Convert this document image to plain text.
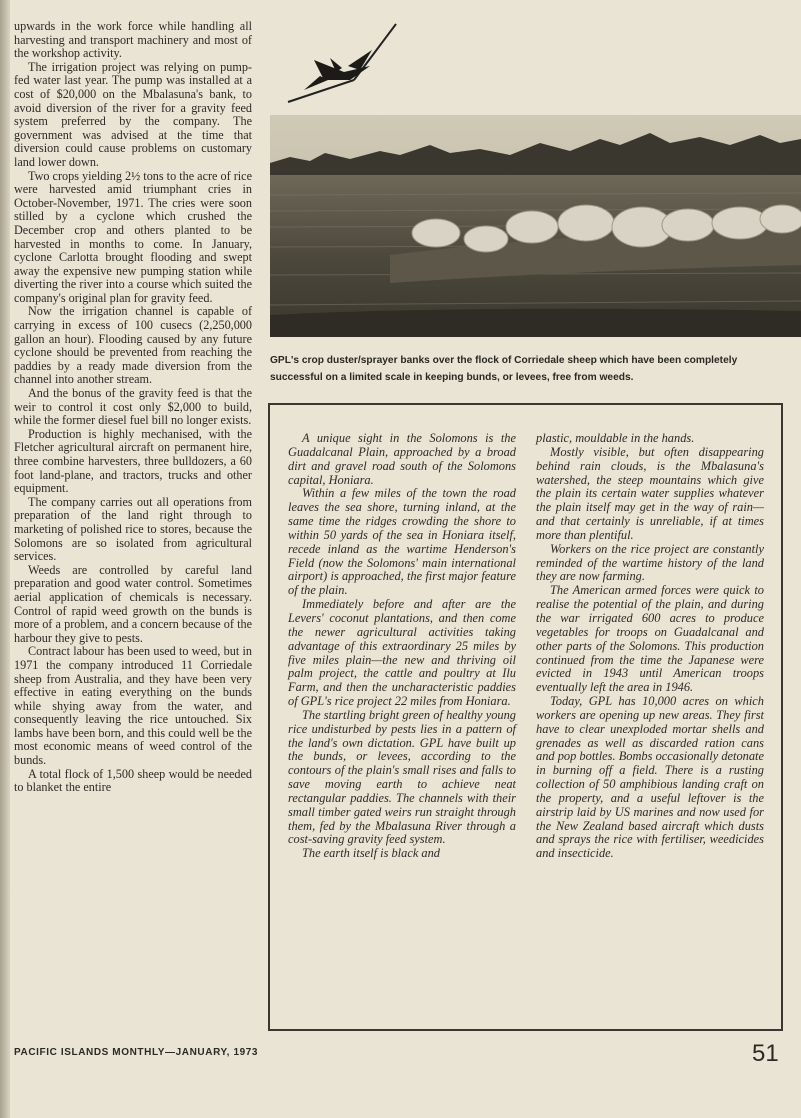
upwards in the work force while handling all harvesting and transport machinery and most of the workshop activity.

The irrigation project was relying on pump-fed water last year. The pump was installed at a cost of $20,000 on the Mbalasuna's bank, to avoid diversion of the river for a gravity feed system preferred by the company. The government was advised at the time that diversion could cause problems on customary land lower down.

Two crops yielding 2½ tons to the acre of rice were harvested amid triumphant cries in October-November, 1971. The cries were soon stilled by a cyclone which crushed the December crop and others planted to be harvested in months to come. In January, cyclone Carlotta brought flooding and swept away the expensive new pumping station while diverting the river into a course which suited the company's original plan for gravity feed.

Now the irrigation channel is capable of carrying in excess of 100 cusecs (2,250,000 gallon an hour). Flooding caused by any future cyclone should be prevented from reaching the paddies by a ready made diversion from the channel into another stream.

And the bonus of the gravity feed is that the weir to control it cost only $2,000 to build, while the former diesel fuel bill no longer exists.

Production is highly mechanised, with the Fletcher agricultural aircraft on permanent hire, three combine harvesters, three bulldozers, a 60 foot land-plane, and tractors, trucks and other equipment.

The company carries out all operations from preparation of the land right through to marketing of polished rice to stores, because the Solomons are so isolated from agricultural services.

Weeds are controlled by careful land preparation and good water control. Sometimes aerial application of chemicals is necessary. Control of rapid weed growth on the bunds is more of a problem, and a concern because of the harbour they give to pests.

Contract labour has been used to weed, but in 1971 the company introduced 11 Corriedale sheep from Australia, and they have been very effective in eating everything on the bunds while shying away from the water, and consequently leaving the rice untouched. Six lambs have been born, and this could well be the most economic means of weed control of the bunds.

A total flock of 1,500 sheep would be needed to blanket the entire

GPL's crop duster/sprayer banks over the flock of Corriedale sheep which have been completely successful on a limited scale in keeping bunds, or levees, free from weeds.

A unique sight in the Solomons is the Guadalcanal Plain, approached by a broad dirt and gravel road south of the Solomons capital, Honiara.

Within a few miles of the town the road leaves the sea shore, turning inland, at the same time the ridges crowding the shore to within 50 yards of the sea in Honiara itself, recede inland as the wartime Henderson's Field (now the Solomons' main international airport) is approached, the first major feature of the plain.

Immediately before and after are the Levers' coconut plantations, and then come the newer agricultural activities taking advantage of this extraordinary 25 miles by five miles plain—the new and thriving oil palm project, the cattle and poultry at Ilu Farm, and then the uncharacteristic paddies of GPL's rice project 22 miles from Honiara.

The startling bright green of healthy young rice undisturbed by pests lies in a pattern of the land's own dictation. GPL have built up the bunds, or levees, according to the contours of the plain's small rises and falls to save moving earth to achieve neat rectangular paddies. The channels with their small timber gated weirs run straight through them, fed by the Mbalasuna River through a cost-saving gravity feed system.

The earth itself is black and

plastic, mouldable in the hands.

Mostly visible, but often disappearing behind rain clouds, is the Mbalasuna's watershed, the steep mountains which give the plain its certain water supplies whatever the plain itself may get in the way of rain—and that certainly is unreliable, if at times more than plentiful.

Workers on the rice project are constantly reminded of the wartime history of the land they are now farming.

The American armed forces were quick to realise the potential of the plain, and during the war irrigated 600 acres to produce vegetables for troops on Guadalcanal and other parts of the Solomons. This production continued from the time the Japanese were evicted in 1943 until American troops eventually left the area in 1946.

Today, GPL has 10,000 acres on which workers are opening up new areas. They first have to clear unexploded mortar shells and grenades as well as discarded ration cans and pop bottles. Bombs occasionally detonate in burning off a field. There is a rusting collection of 50 amphibious landing craft on the property, and a useful leftover is the airstrip laid by US marines and now used for the New Zealand based aircraft which dusts and sprays the rice with fertiliser, weedicides and insecticide.

PACIFIC ISLANDS MONTHLY—JANUARY, 1973	51
